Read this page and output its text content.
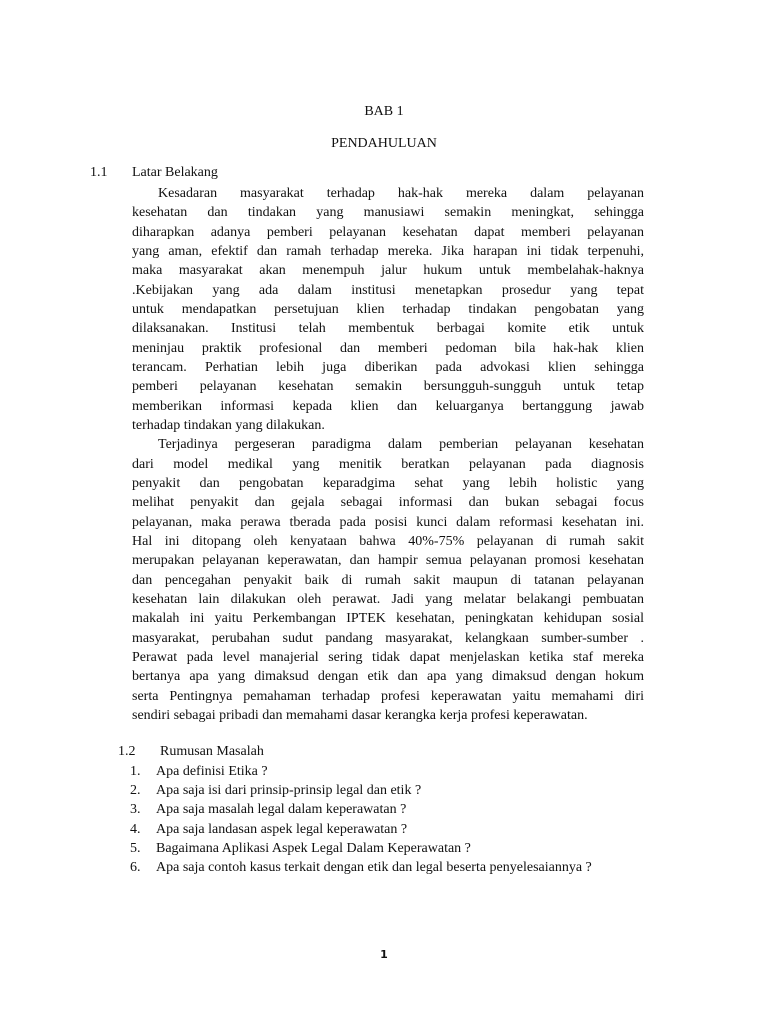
BAB 1
PENDAHULUAN
1.1 Latar Belakang
Kesadaran masyarakat terhadap hak-hak mereka dalam pelayanan
kesehatan dan tindakan yang manusiawi semakin meningkat, sehingga
diharapkan adanya pemberi pelayanan kesehatan dapat memberi pelayanan
yang aman, efektif dan ramah terhadap mereka. Jika harapan ini tidak terpenuhi,
maka masyarakat akan menempuh jalur hukum untuk membelahak-haknya
.Kebijakan yang ada dalam institusi menetapkan prosedur yang tepat
untuk mendapatkan persetujuan klien terhadap tindakan pengobatan yang
dilaksanakan. Institusi telah membentuk berbagai komite etik untuk
meninjau praktik profesional dan memberi pedoman bila hak-hak klien
terancam. Perhatian lebih juga diberikan pada advokasi klien sehingga
pemberi pelayanan kesehatan semakin bersungguh-sungguh untuk tetap
memberikan informasi kepada klien dan keluarganya bertanggung jawab
terhadap tindakan yang dilakukan.
Terjadinya pergeseran paradigma dalam pemberian pelayanan kesehatan
dari model medikal yang menitik beratkan pelayanan pada diagnosis
penyakit dan pengobatan keparadgima sehat yang lebih holistic yang
melihat penyakit dan gejala sebagai informasi dan bukan sebagai focus
pelayanan, maka perawa tberada pada posisi kunci dalam reformasi kesehatan ini.
Hal ini ditopang oleh kenyataan bahwa 40%-75% pelayanan di rumah sakit
merupakan pelayanan keperawatan, dan hampir semua pelayanan promosi kesehatan
dan pencegahan penyakit baik di rumah sakit maupun di tatanan pelayanan
kesehatan lain dilakukan oleh perawat. Jadi yang melatar belakangi pembuatan
makalah ini yaitu Perkembangan IPTEK kesehatan, peningkatan kehidupan sosial
masyarakat, perubahan sudut pandang masyarakat, kelangkaan sumber-sumber .
Perawat pada level manajerial sering tidak dapat menjelaskan ketika staf mereka
bertanya apa yang dimaksud dengan etik dan apa yang dimaksud dengan hokum
serta Pentingnya pemahaman terhadap profesi keperawatan yaitu memahami diri
sendiri sebagai pribadi dan memahami dasar kerangka kerja profesi keperawatan.
1.2 Rumusan Masalah
1. Apa definisi Etika ?
2. Apa saja isi dari prinsip-prinsip legal dan etik ?
3. Apa saja masalah legal dalam keperawatan ?
4. Apa saja landasan aspek legal keperawatan ?
5. Bagaimana Aplikasi Aspek Legal Dalam Keperawatan ?
6. Apa saja contoh kasus terkait dengan etik dan legal beserta penyelesaiannya ?
1
